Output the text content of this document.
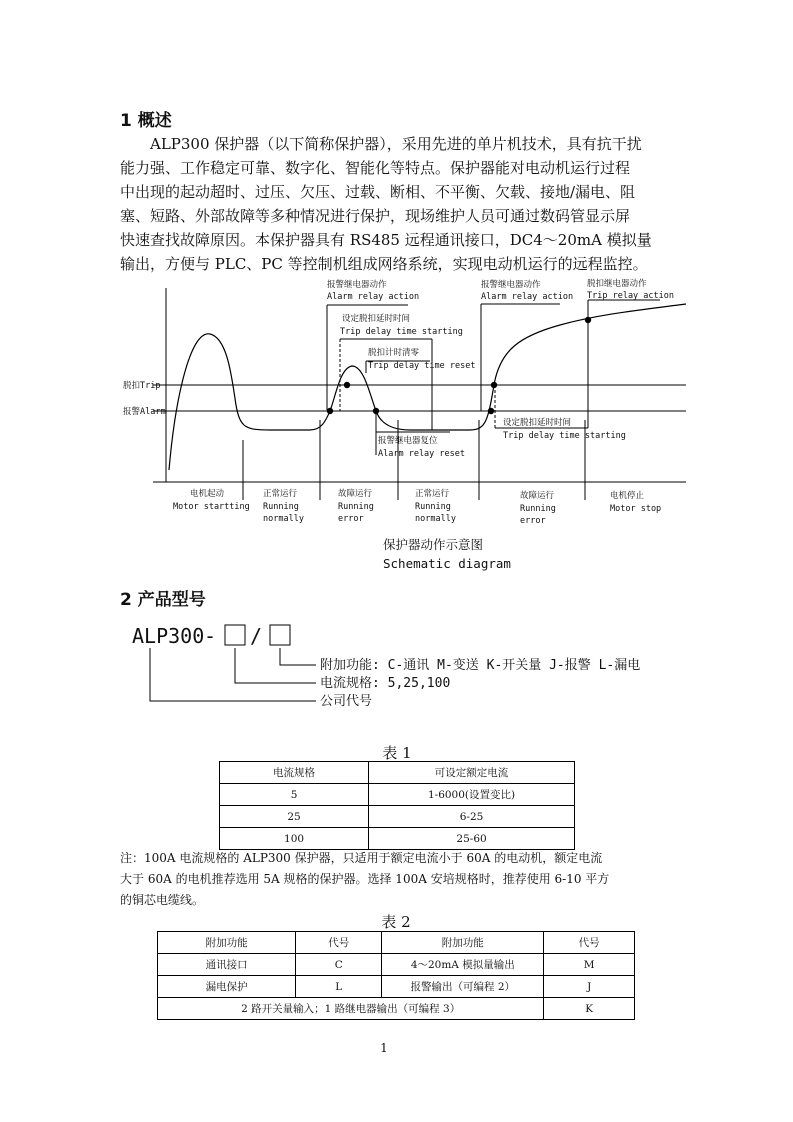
1 概述
ALP300 保护器（以下简称保护器），采用先进的单片机技术，具有抗干扰
能力强、工作稳定可靠、数字化、智能化等特点。保护器能对电动机运行过程
中出现的起动超时、过压、欠压、过载、断相、不平衡、欠载、接地/漏电、阻
塞、短路、外部故障等多种情况进行保护，现场维护人员可通过数码管显示屏
快速查找故障原因。本保护器具有 RS485 远程通讯接口，DC4～20mA 模拟量
输出，方便与 PLC、PC 等控制机组成网络系统，实现电动机运行的远程监控。
脱扣Trip
报警Alarm
报警继电器动作
Alarm relay action
设定脱扣延时时间
Trip delay time starting
脱扣计时清零
Trip delay time reset
报警继电器复位
Alarm relay reset
报警继电器动作
Alarm relay action
设定脱扣延时时间
Trip delay time starting
脱扣继电器动作
Trip relay action
电机起动
Motor startting
正常运行
Running
normally
故障运行
Running
error
正常运行
Running
normally
故障运行
Running
error
电机停止
Motor stop
保护器动作示意图
Schematic diagram
2 产品型号
ALP300 - /
附加功能: C-通讯 M-变送 K-开关量 J-报警 L-漏电
电流规格: 5,25,100
公司代号
表 1
电流规格	可设定额定电流
5	1-6000(设置变比)
25	6-25
100	25-60
注：100A 电流规格的 ALP300 保护器，只适用于额定电流小于 60A 的电动机，额定电流
大于 60A 的电机推荐选用 5A 规格的保护器。选择 100A 安培规格时，推荐使用 6-10 平方
的铜芯电缆线。
表 2
附加功能	代号	附加功能	代号
通讯接口	C	4～20mA 模拟量输出	M
漏电保护	L	报警输出（可编程 2）	J
2 路开关量输入；1 路继电器输出（可编程 3）			K
1
